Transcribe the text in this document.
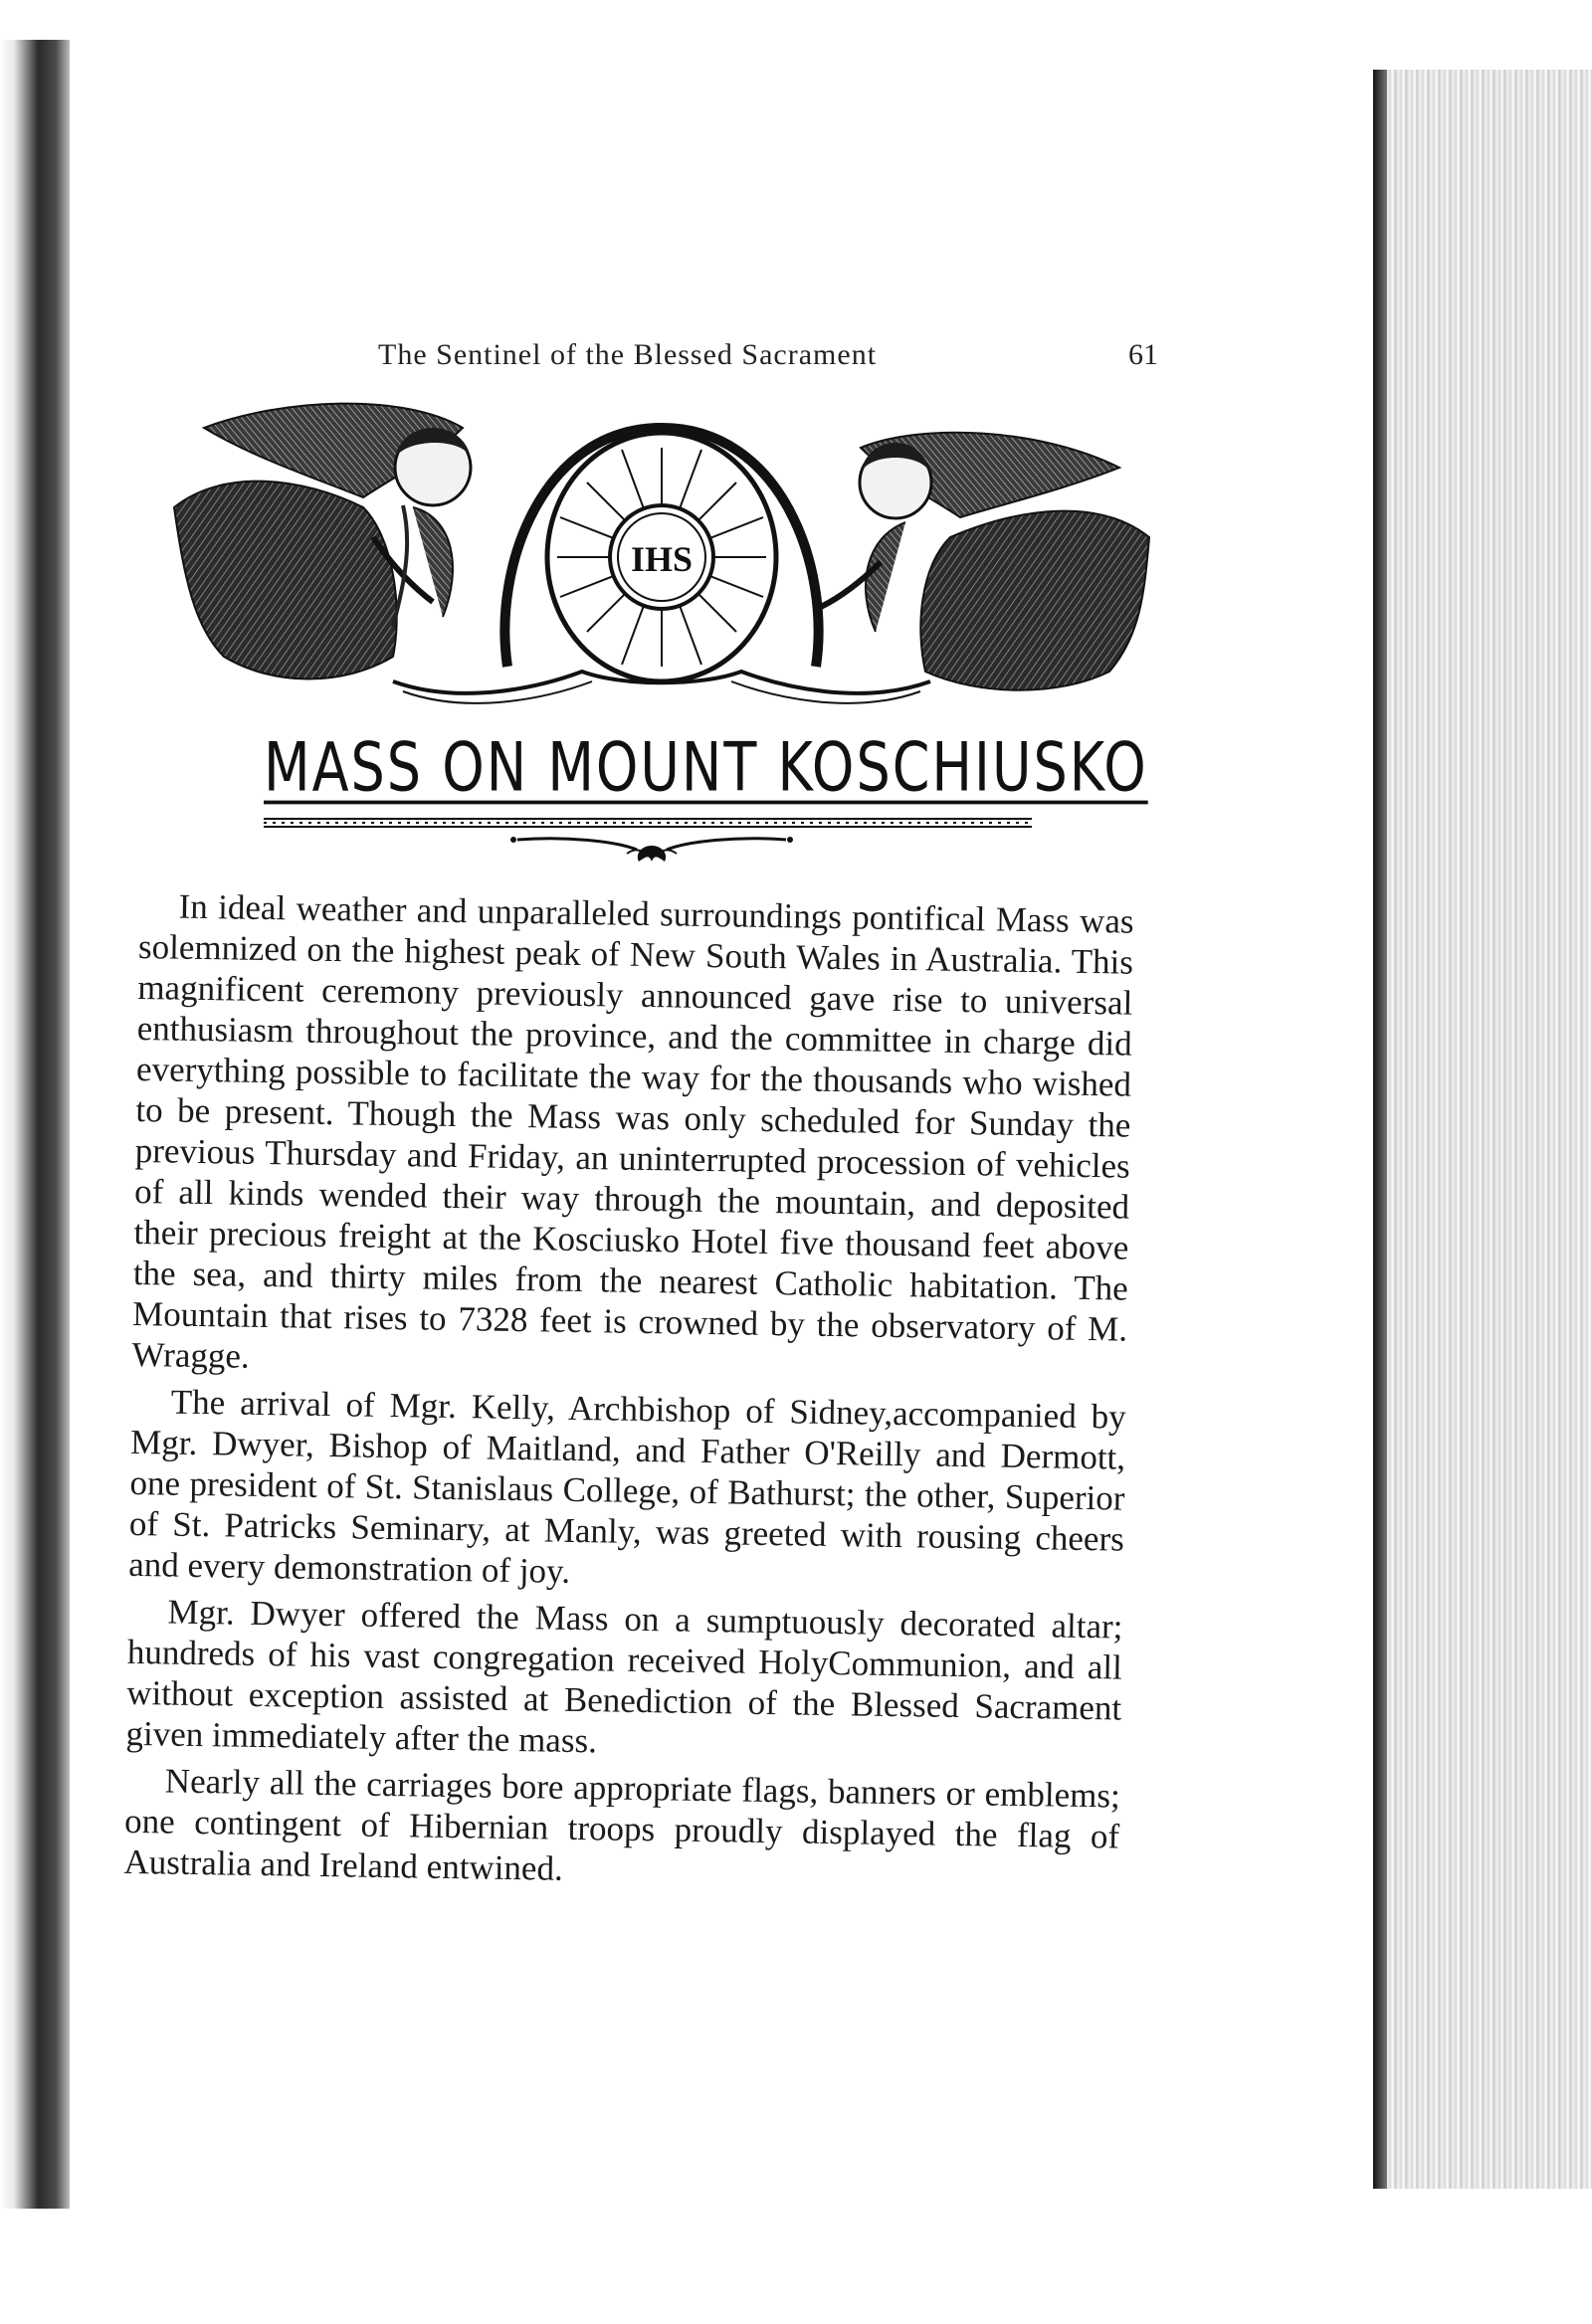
The Sentinel of the Blessed Sacrament	61
IHS
MASS ON MOUNT KOSCHIUSKO

In ideal weather and unparalleled surroundings pontifical Mass was solemnized on the highest peak of New South Wales in Australia. This magnificent ceremony previously announced gave rise to universal enthusiasm throughout the province, and the committee in charge did everything possible to facilitate the way for the thousands who wished to be present. Though the Mass was only scheduled for Sunday the previous Thursday and Friday, an uninterrupted procession of vehicles of all kinds wended their way through the mountain, and deposited their precious freight at the Kosciusko Hotel five thousand feet above the sea, and thirty miles from the nearest Catholic habitation. The Mountain that rises to 7328 feet is crowned by the observatory of M. Wragge.

The arrival of Mgr. Kelly, Archbishop of Sidney,accompanied by Mgr. Dwyer, Bishop of Maitland, and Father O'Reilly and Dermott, one president of St. Stanislaus College, of Bathurst; the other, Superior of St. Patricks Seminary, at Manly, was greeted with rousing cheers and every demonstration of joy.

Mgr. Dwyer offered the Mass on a sumptuously decorated altar; hundreds of his vast congregation received HolyCommunion, and all without exception assisted at Benediction of the Blessed Sacrament given immediately after the mass.

Nearly all the carriages bore appropriate flags, banners or emblems; one contingent of Hibernian troops proudly displayed the flag of Australia and Ireland entwined.
